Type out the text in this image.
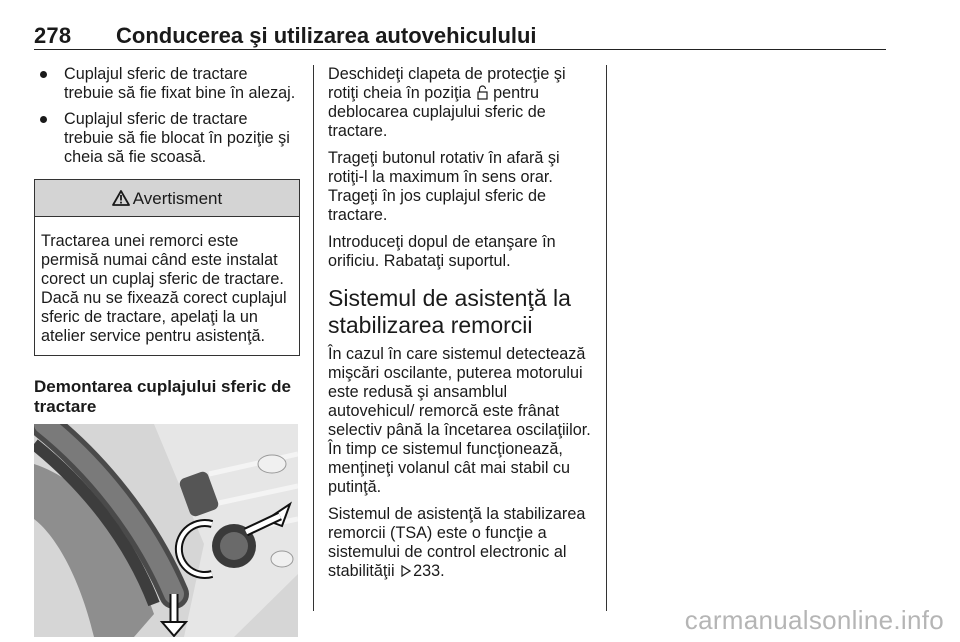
278 Conducerea şi utilizarea autovehiculului
Cuplajul sferic de tractare trebuie să fie fixat bine în alezaj.
Cuplajul sferic de tractare trebuie să fie blocat în poziţie şi cheia să fie scoasă.
Avertisment
Tractarea unei remorci este permisă numai când este instalat corect un cuplaj sferic de tractare. Dacă nu se fixează corect cuplajul sferic de tractare, apelaţi la un atelier service pentru asistenţă.
Demontarea cuplajului sferic de tractare

Deschideţi clapeta de protecţie şi rotiţi cheia în poziţia pentru deblocarea cuplajului sferic de tractare.

Trageţi butonul rotativ în afară şi rotiţi-l la maximum în sens orar. Trageţi în jos cuplajul sferic de tractare.

Introduceţi dopul de etanşare în orificiu. Rabataţi suportul.

Sistemul de asistenţă la stabilizarea remorcii

În cazul în care sistemul detectează mişcări oscilante, puterea motorului este redusă şi ansamblul autovehicul/ remorcă este frânat selectiv până la încetarea oscilaţiilor. În timp ce sistemul funcţionează, menţineţi volanul cât mai stabil cu putinţă.

Sistemul de asistenţă la stabilizarea remorcii (TSA) este o funcţie a sistemului de control electronic al stabilităţii 233.

carmanualsonline.info
